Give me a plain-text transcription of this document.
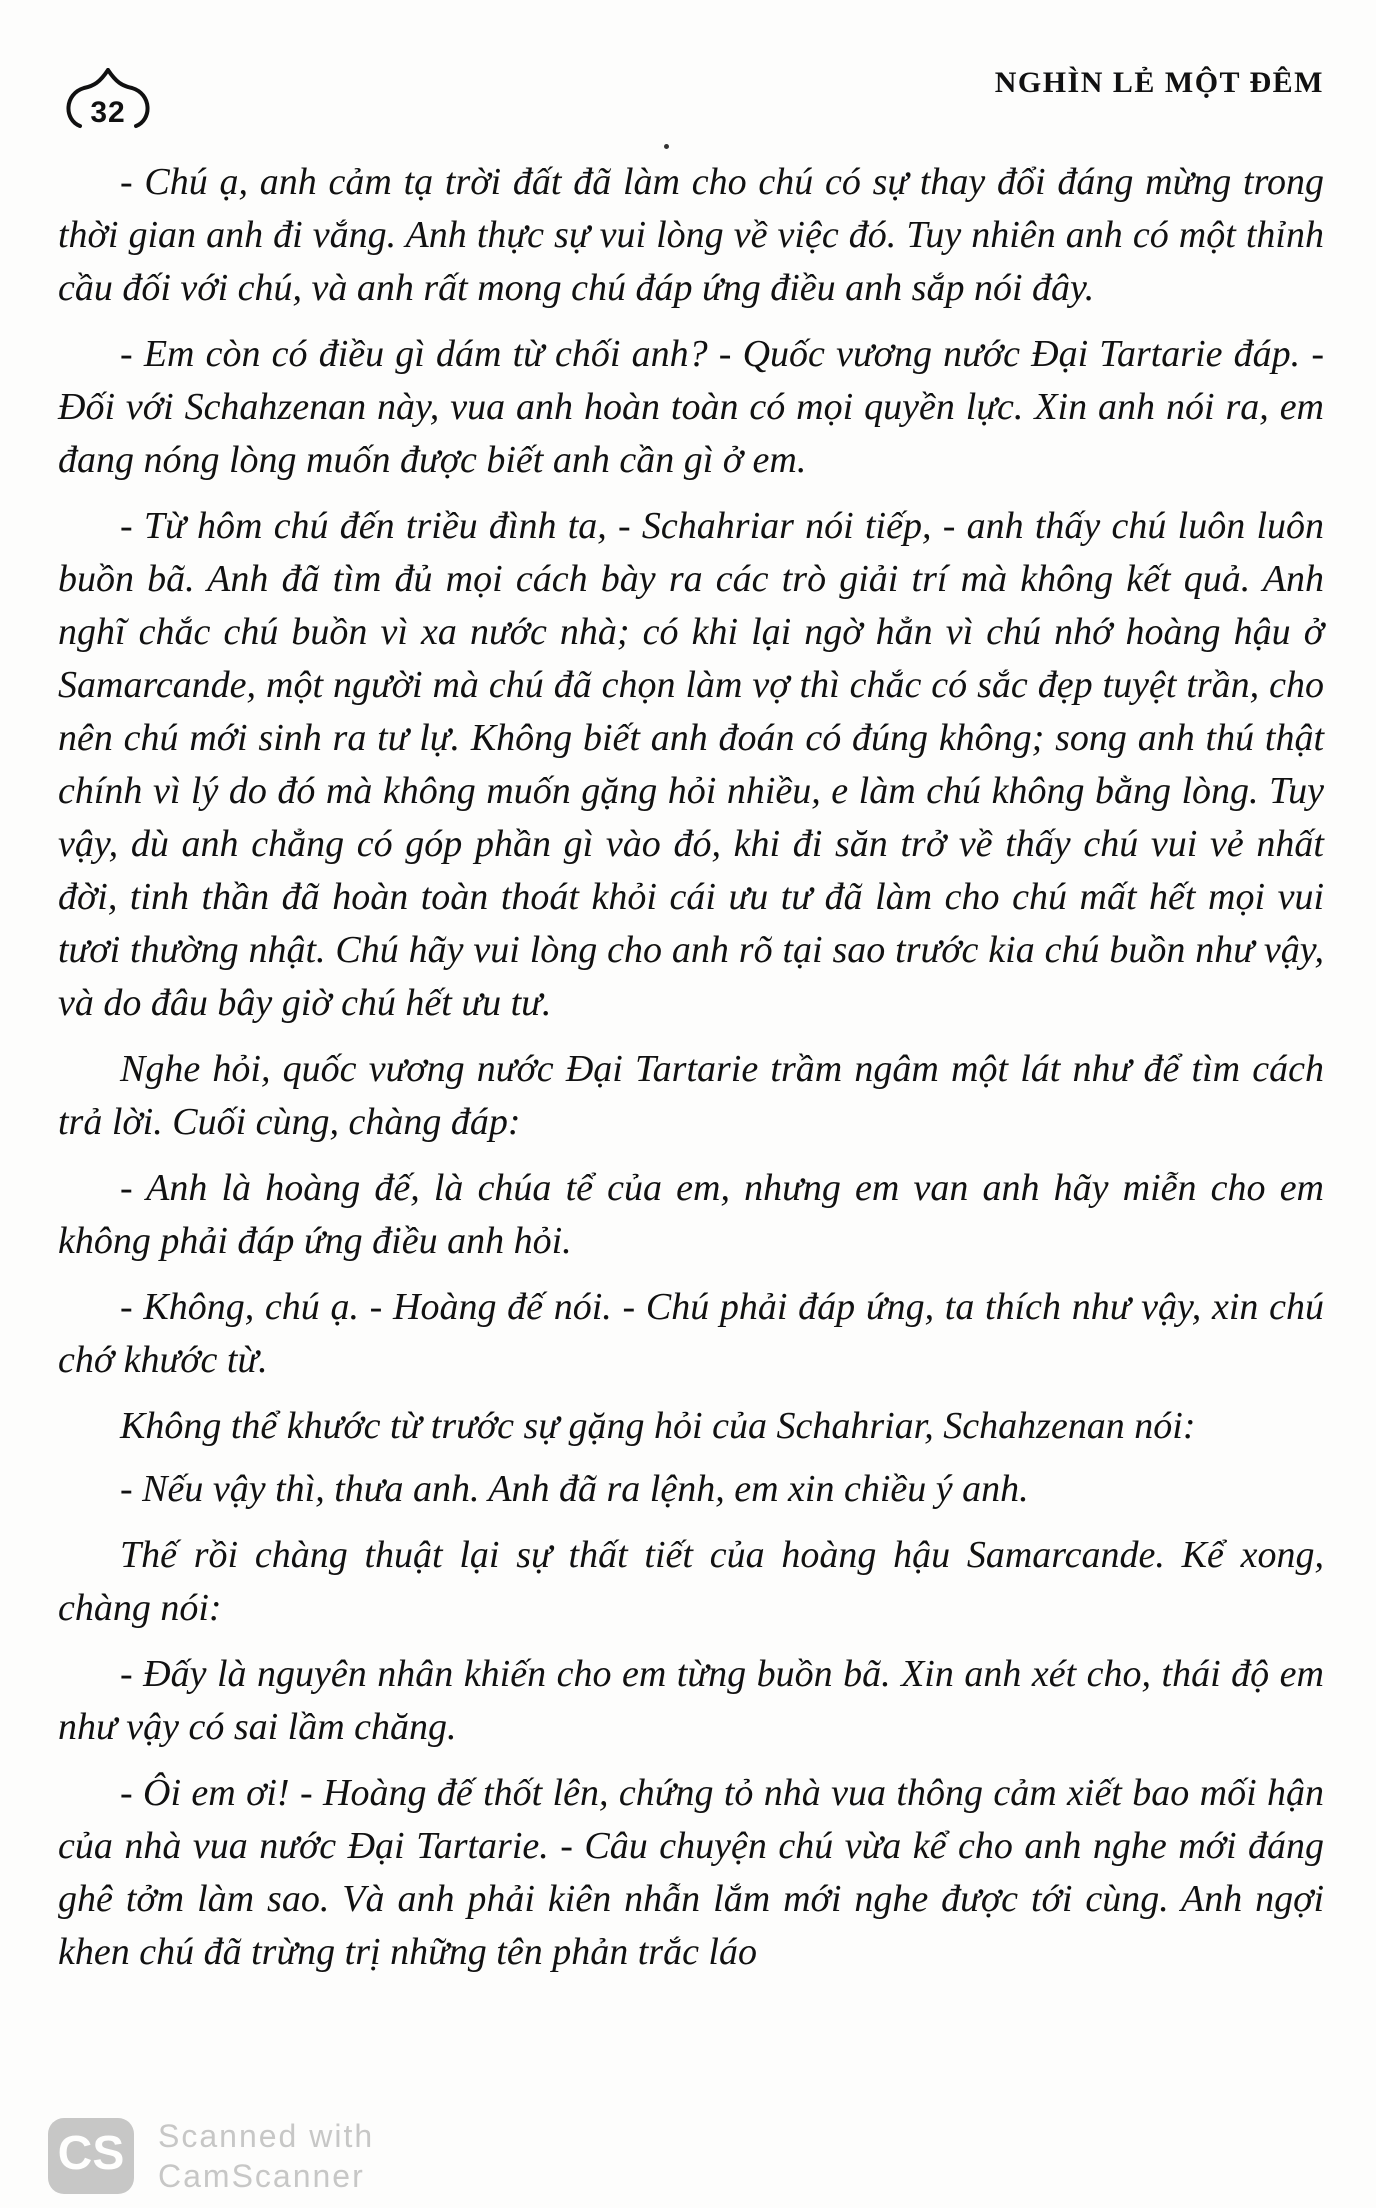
32
NGHÌN LẺ MỘT ĐÊM

- Chú ạ, anh cảm tạ trời đất đã làm cho chú có sự thay đổi đáng mừng trong thời gian anh đi vắng. Anh thực sự vui lòng về việc đó. Tuy nhiên anh có một thỉnh cầu đối với chú, và anh rất mong chú đáp ứng điều anh sắp nói đây.

- Em còn có điều gì dám từ chối anh? - Quốc vương nước Đại Tartarie đáp. - Đối với Schahzenan này, vua anh hoàn toàn có mọi quyền lực. Xin anh nói ra, em đang nóng lòng muốn được biết anh cần gì ở em.

- Từ hôm chú đến triều đình ta, - Schahriar nói tiếp, - anh thấy chú luôn luôn buồn bã. Anh đã tìm đủ mọi cách bày ra các trò giải trí mà không kết quả. Anh nghĩ chắc chú buồn vì xa nước nhà; có khi lại ngờ hẳn vì chú nhớ hoàng hậu ở Samarcande, một người mà chú đã chọn làm vợ thì chắc có sắc đẹp tuyệt trần, cho nên chú mới sinh ra tư lự. Không biết anh đoán có đúng không; song anh thú thật chính vì lý do đó mà không muốn gặng hỏi nhiều, e làm chú không bằng lòng. Tuy vậy, dù anh chẳng có góp phần gì vào đó, khi đi săn trở về thấy chú vui vẻ nhất đời, tinh thần đã hoàn toàn thoát khỏi cái ưu tư đã làm cho chú mất hết mọi vui tươi thường nhật. Chú hãy vui lòng cho anh rõ tại sao trước kia chú buồn như vậy, và do đâu bây giờ chú hết ưu tư.

Nghe hỏi, quốc vương nước Đại Tartarie trầm ngâm một lát như để tìm cách trả lời. Cuối cùng, chàng đáp:

- Anh là hoàng đế, là chúa tể của em, nhưng em van anh hãy miễn cho em không phải đáp ứng điều anh hỏi.

- Không, chú ạ. - Hoàng đế nói. - Chú phải đáp ứng, ta thích như vậy, xin chú chớ khước từ.

Không thể khước từ trước sự gặng hỏi của Schahriar, Schahzenan nói:

- Nếu vậy thì, thưa anh. Anh đã ra lệnh, em xin chiều ý anh.

Thế rồi chàng thuật lại sự thất tiết của hoàng hậu Samarcande. Kể xong, chàng nói:

- Đấy là nguyên nhân khiến cho em từng buồn bã. Xin anh xét cho, thái độ em như vậy có sai lầm chăng.

- Ôi em ơi! - Hoàng đế thốt lên, chứng tỏ nhà vua thông cảm xiết bao mối hận của nhà vua nước Đại Tartarie. - Câu chuyện chú vừa kể cho anh nghe mới đáng ghê tởm làm sao. Và anh phải kiên nhẫn lắm mới nghe được tới cùng. Anh ngợi khen chú đã trừng trị những tên phản trắc láo

CS	Scanned with
CamScanner
